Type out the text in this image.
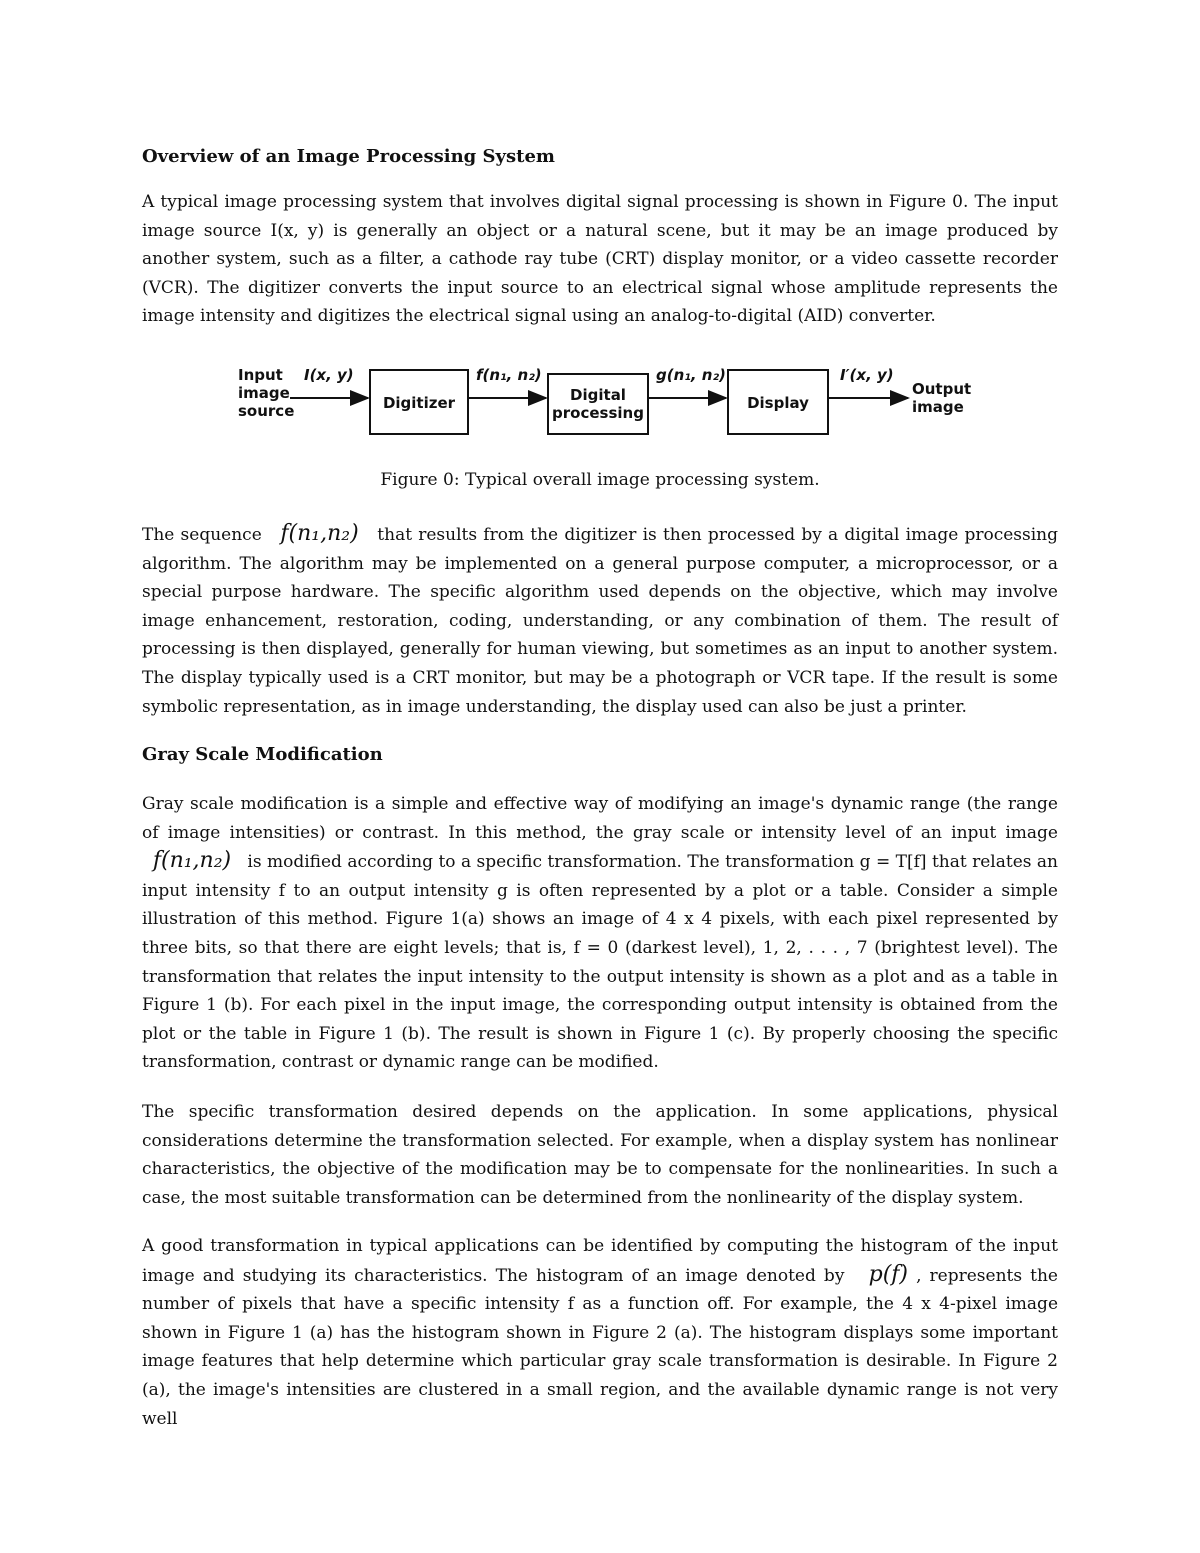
Overview of an Image Processing System

A typical image processing system that involves digital signal processing is shown in Figure 0. The input image source I(x, y) is generally an object or a natural scene, but it may be an image produced by another system, such as a filter, a cathode ray tube (CRT) display monitor, or a video cassette recorder (VCR). The digitizer converts the input source to an electrical signal whose amplitude represents the image intensity and digitizes the electrical signal using an analog-to-digital (AID) converter.

Input
image
source
I(x, y)
Digitizer
f(n₁, n₂)
Digital
processing
g(n₁, n₂)
Display
I′(x, y)
Output
image
Figure 0: Typical overall image processing system.

The sequence f(n₁,n₂) that results from the digitizer is then processed by a digital image processing algorithm. The algorithm may be implemented on a general purpose computer, a microprocessor, or a special purpose hardware. The specific algorithm used depends on the objective, which may involve image enhancement, restoration, coding, understanding, or any combination of them. The result of processing is then displayed, generally for human viewing, but sometimes as an input to another system. The display typically used is a CRT monitor, but may be a photograph or VCR tape. If the result is some symbolic representation, as in image understanding, the display used can also be just a printer.

Gray Scale Modification

Gray scale modification is a simple and effective way of modifying an image's dynamic range (the range of image intensities) or contrast. In this method, the gray scale or intensity level of an input image   f(n₁,n₂) is modified according to a specific transformation. The transformation g = T[f] that relates an input intensity f to an output intensity g is often represented by a plot or a table. Consider a simple illustration of this method. Figure 1(a) shows an image of 4 x 4 pixels, with each pixel represented by three bits, so that there are eight levels; that is, f = 0 (darkest level), 1, 2, . . . , 7 (brightest level). The transformation that relates the input intensity to the output intensity is shown as a plot and as a table in Figure 1 (b). For each pixel in the input image, the corresponding output intensity is obtained from the plot or the table in Figure 1 (b). The result is shown in Figure 1 (c). By properly choosing the specific transformation, contrast or dynamic range can be modified.

The specific transformation desired depends on the application. In some applications, physical considerations determine the transformation selected. For example, when a display system has nonlinear characteristics, the objective of the modification may be to compensate for the nonlinearities. In such a case, the most suitable transformation can be determined from the nonlinearity of the display system.

A good transformation in typical applications can be identified by computing the histogram of the input image and studying its characteristics. The histogram of an image denoted by p(f) , represents the number of pixels that have a specific intensity f as a function off. For example, the 4 x 4-pixel image shown in Figure 1 (a) has the histogram shown in Figure 2 (a). The histogram displays some important image features that help determine which particular gray scale transformation is desirable. In Figure 2 (a), the image's intensities are clustered in a small region, and the available dynamic range is not very well
